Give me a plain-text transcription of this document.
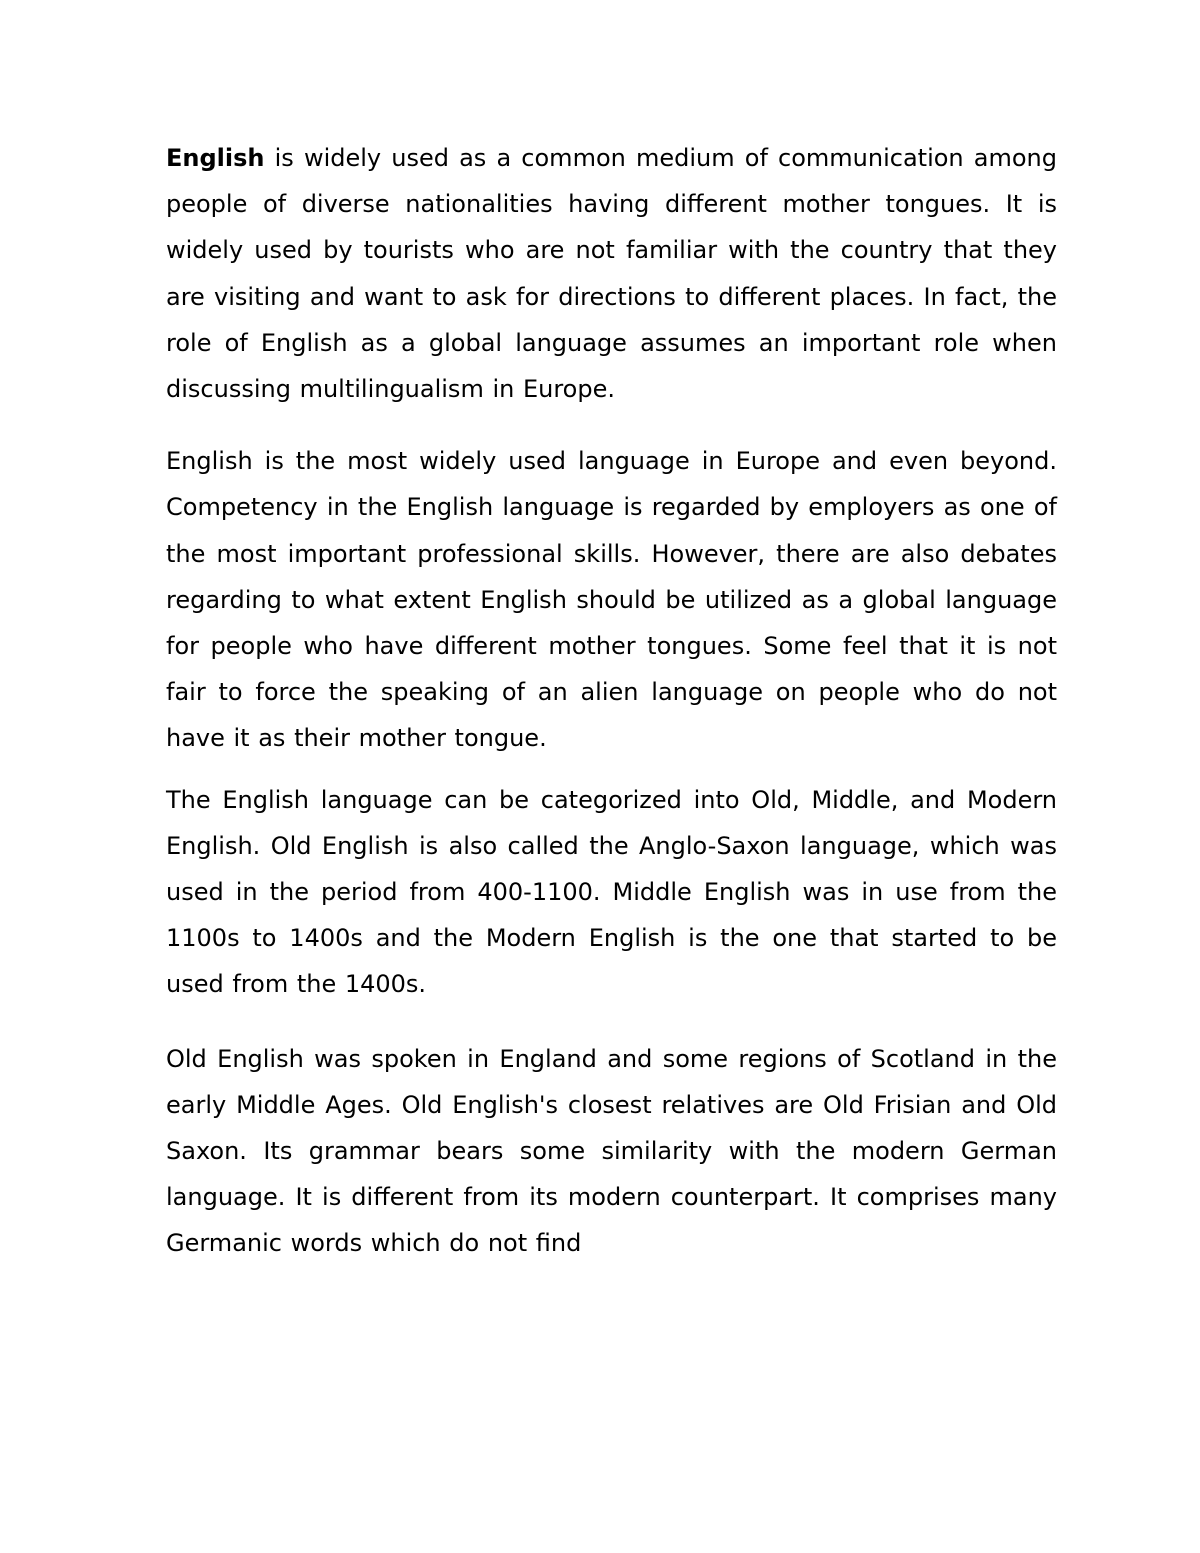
English is widely used as a common medium of communication among people of diverse nationalities having different mother tongues. It is widely used by tourists who are not familiar with the country that they are visiting and want to ask for directions to different places. In fact, the role of English as a global language assumes an important role when discussing multilingualism in Europe.

English is the most widely used language in Europe and even beyond. Competency in the English language is regarded by employers as one of the most important professional skills. However, there are also debates regarding to what extent English should be utilized as a global language for people who have different mother tongues. Some feel that it is not fair to force the speaking of an alien language on people who do not have it as their mother tongue.

The English language can be categorized into Old, Middle, and Modern English. Old English is also called the Anglo-Saxon language, which was used in the period from 400-1100. Middle English was in use from the 1100s to 1400s and the Modern English is the one that started to be used from the 1400s.

Old English was spoken in England and some regions of Scotland in the early Middle Ages. Old English's closest relatives are Old Frisian and Old Saxon. Its grammar bears some similarity with the modern German language. It is different from its modern counterpart. It comprises many Germanic words which do not find
